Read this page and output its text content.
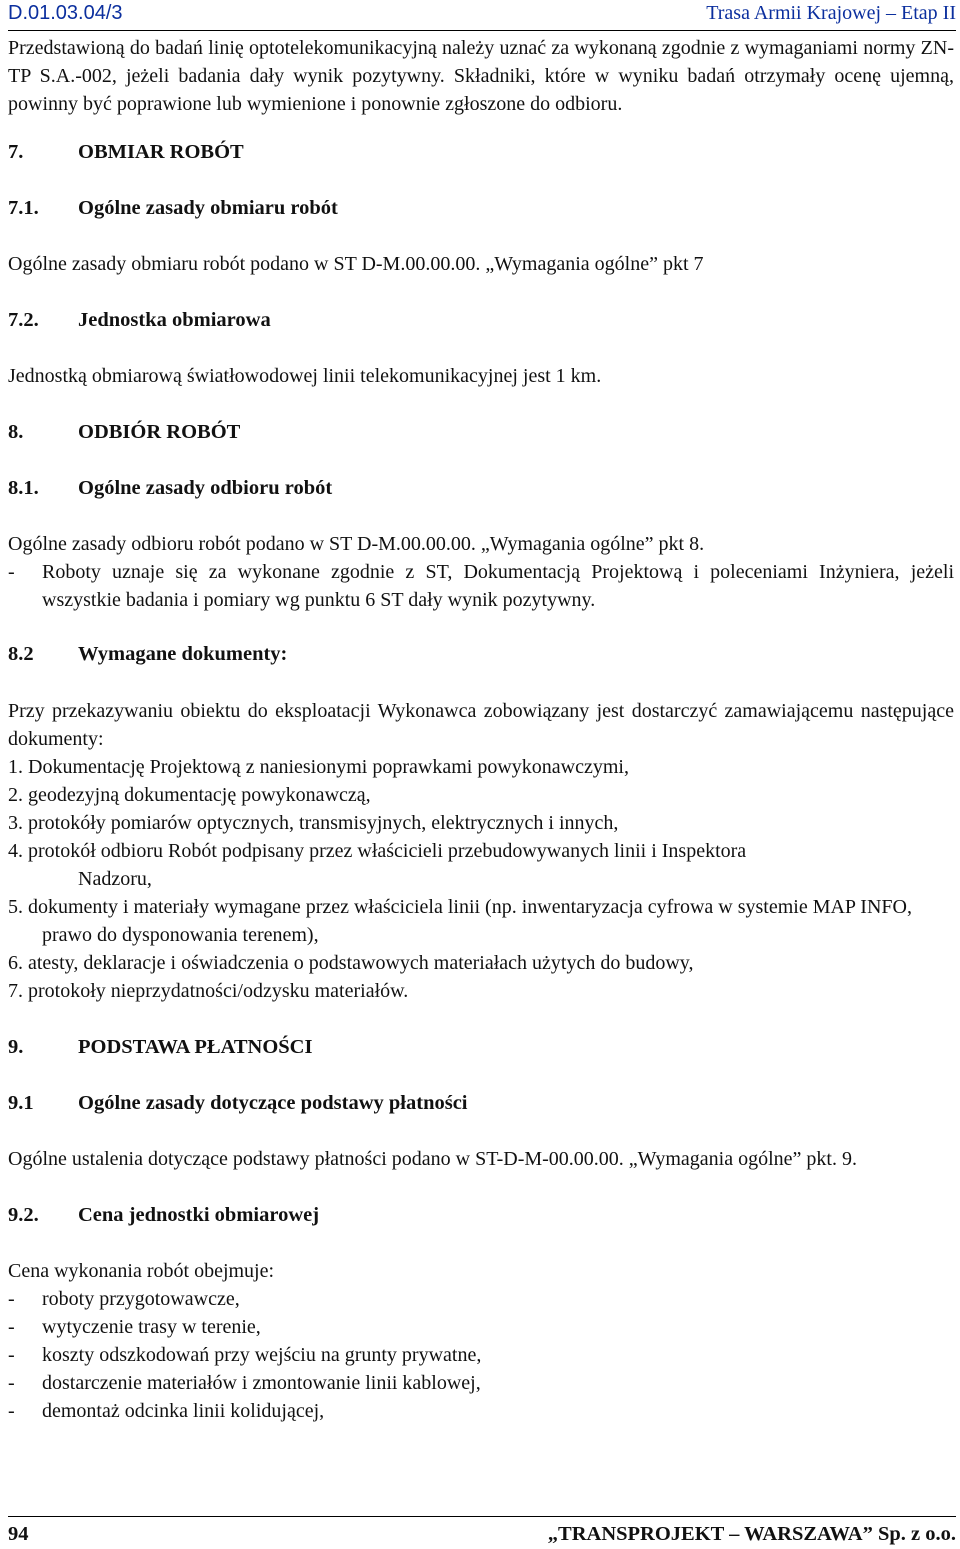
D.01.03.04/3	Trasa Armii Krajowej – Etap II

Przedstawioną do badań linię optotelekomunikacyjną należy uznać za wykonaną zgodnie z wymaganiami normy ZN-TP S.A.-002, jeżeli badania dały wynik pozytywny. Składniki, które w wyniku badań otrzymały ocenę ujemną, powinny być poprawione lub wymienione i ponownie zgłoszone do odbioru.

7.	OBMIAR ROBÓT

7.1. Ogólne zasady obmiaru robót

Ogólne zasady obmiaru robót podano w ST D-M.00.00.00. „Wymagania ogólne” pkt 7

7.2. Jednostka obmiarowa

Jednostką obmiarową światłowodowej linii telekomunikacyjnej jest 1 km.

8.	ODBIÓR ROBÓT

8.1. Ogólne zasady odbioru robót

Ogólne zasady odbioru robót podano w ST D-M.00.00.00. „Wymagania ogólne” pkt 8.

- Roboty uznaje się za wykonane zgodnie z ST, Dokumentacją Projektową i poleceniami Inżyniera, jeżeli wszystkie badania i pomiary wg punktu 6 ST dały wynik pozytywny.

8.2 Wymagane dokumenty:

Przy przekazywaniu obiektu do eksploatacji Wykonawca zobowiązany jest dostarczyć zamawiającemu następujące dokumenty:

1. Dokumentację Projektową z naniesionymi poprawkami powykonawczymi,

2. geodezyjną dokumentację powykonawczą,

3. protokóły pomiarów optycznych, transmisyjnych, elektrycznych i innych,

4. protokół odbioru Robót podpisany przez właścicieli przebudowywanych linii i Inspektora

Nadzoru,

5. dokumenty i materiały wymagane przez właściciela linii (np. inwentaryzacja cyfrowa w systemie MAP INFO, prawo do dysponowania terenem),

6. atesty, deklaracje i oświadczenia o podstawowych materiałach użytych do budowy,

7. protokoły nieprzydatności/odzysku materiałów.

9.	PODSTAWA PŁATNOŚCI

9.1 Ogólne zasady dotyczące podstawy płatności

Ogólne ustalenia dotyczące podstawy płatności podano w ST-D-M-00.00.00. „Wymagania ogólne” pkt. 9.

9.2. Cena jednostki obmiarowej

Cena wykonania robót obejmuje:

- roboty przygotowawcze,

- wytyczenie trasy w terenie,

- koszty odszkodowań przy wejściu na grunty prywatne,

- dostarczenie materiałów i zmontowanie linii kablowej,

- demontaż odcinka linii kolidującej,

94	„TRANSPROJEKT – WARSZAWA” Sp. z o.o.
